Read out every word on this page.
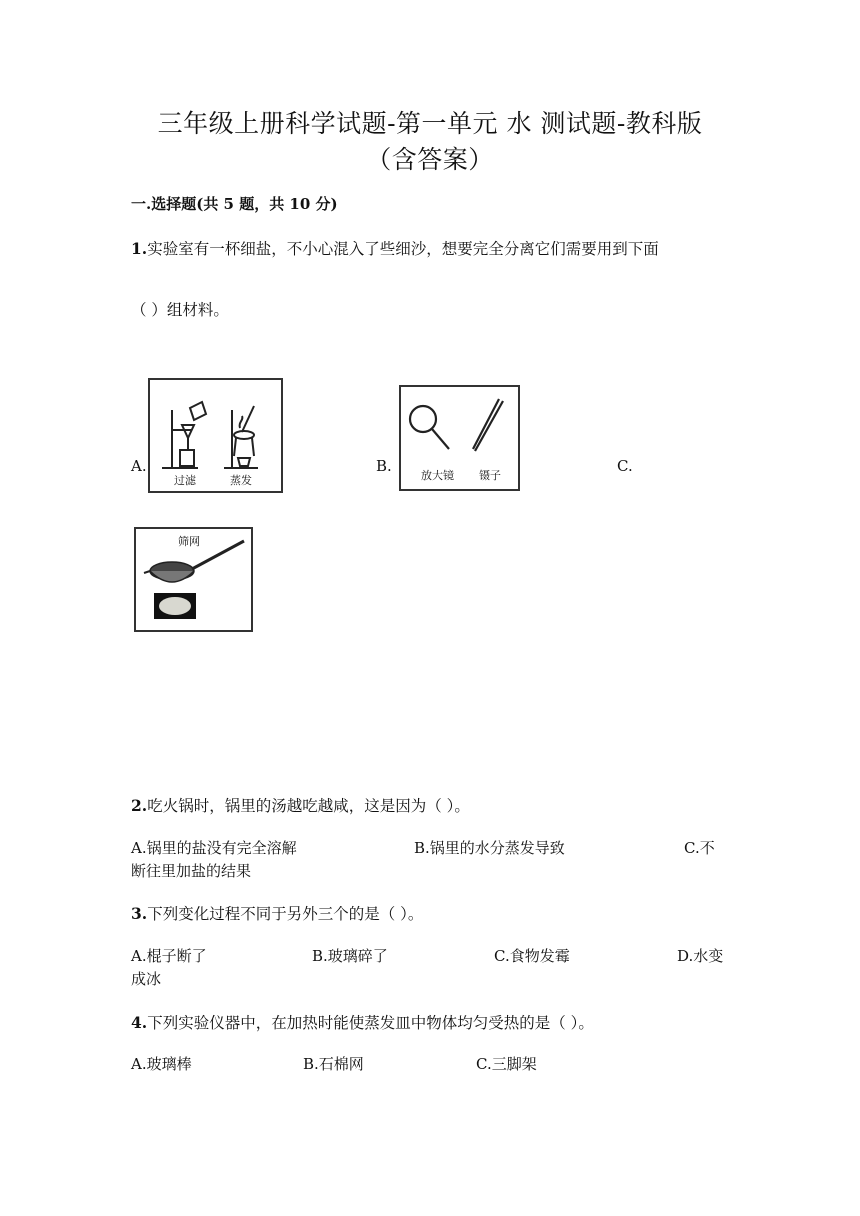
三年级上册科学试题-第一单元 水 测试题-教科版
（含答案）
一.选择题(共 5 题，共 10 分)
1.实验室有一杯细盐，不小心混入了些细沙，想要完全分离它们需要用到下面
（ ）组材料。
A.	B.	C.
过滤	蒸发	放大镜 镊子
筛网
2.吃火锅时，锅里的汤越吃越咸，这是因为（ ）。
A.锅里的盐没有完全溶解	B.锅里的水分蒸发导致	C.不
断往里加盐的结果
3.下列变化过程不同于另外三个的是（ ）。
A.棍子断了	B.玻璃碎了	C.食物发霉	D.水变
成冰
4.下列实验仪器中，在加热时能使蒸发皿中物体均匀受热的是（ ）。
A.玻璃棒	B.石棉网	C.三脚架
